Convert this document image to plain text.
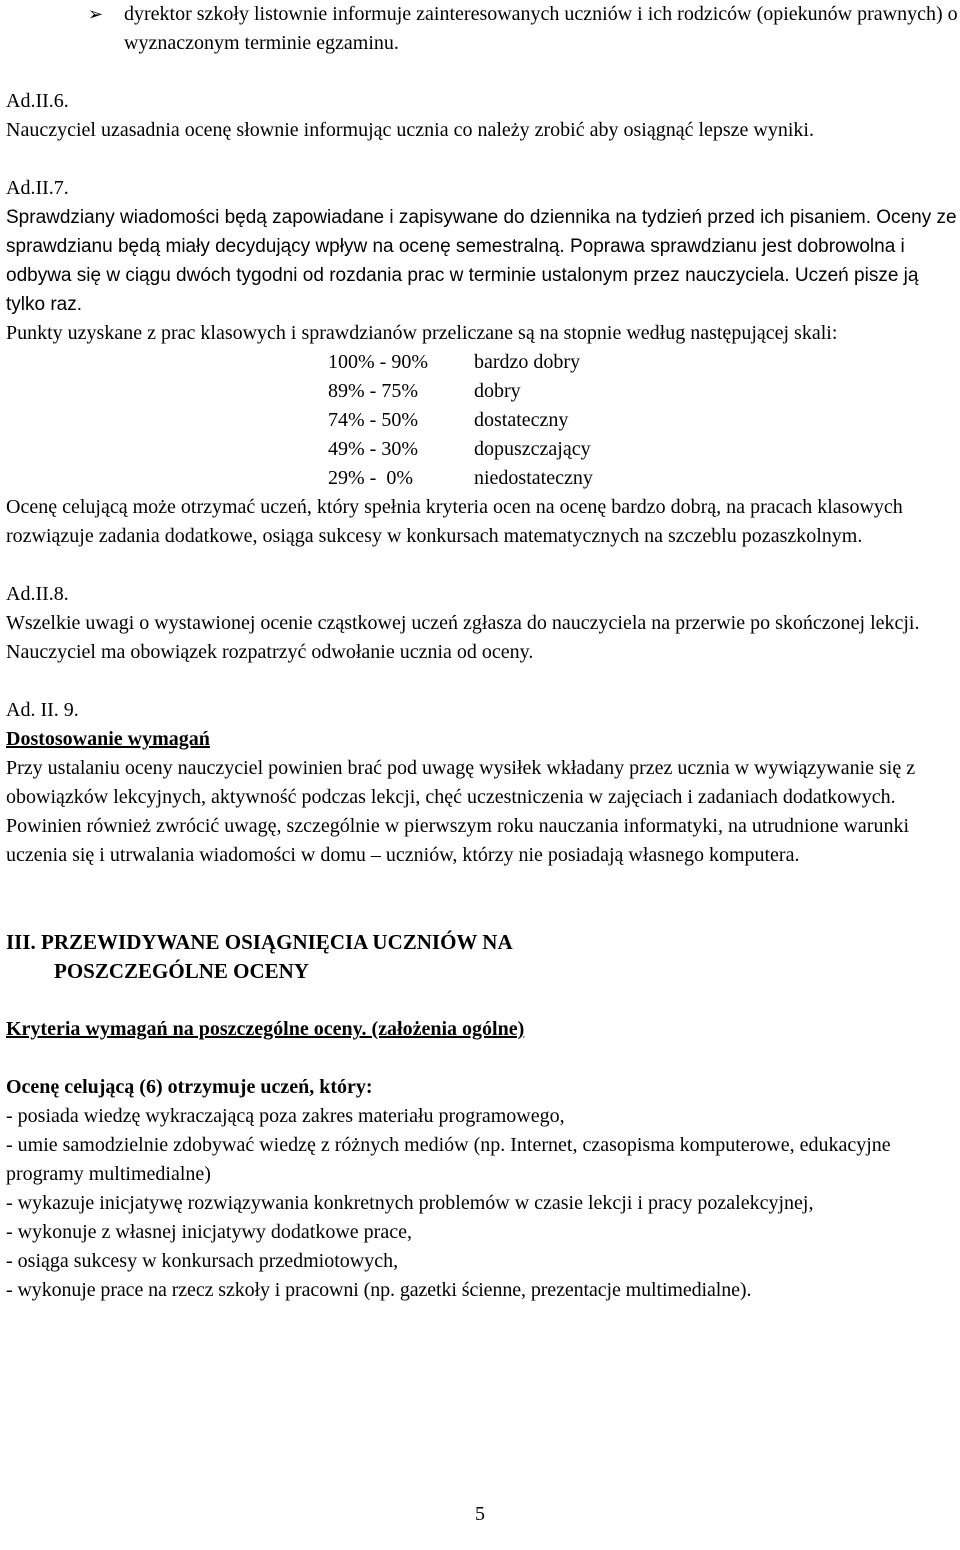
➢	dyrektor szkoły listownie informuje zainteresowanych uczniów i ich rodziców (opiekunów prawnych) o wyznaczonym terminie egzaminu.

Ad.II.6.

Nauczyciel uzasadnia ocenę słownie informując ucznia co należy zrobić aby osiągnąć lepsze wyniki.

Ad.II.7.

Sprawdziany wiadomości będą zapowiadane i zapisywane do dziennika na tydzień przed ich pisaniem. Oceny ze sprawdzianu będą miały decydujący wpływ na ocenę semestralną. Poprawa sprawdzianu jest dobrowolna i odbywa się w ciągu dwóch tygodni od rozdania prac w terminie ustalonym przez nauczyciela. Uczeń pisze ją tylko raz.

Punkty uzyskane z prac klasowych i sprawdzianów przeliczane są na stopnie według następującej skali:

100% - 90%	bardzo dobry
89% - 75%	dobry
74% - 50%	dostateczny
49% - 30%	dopuszczający
29% -  0%	niedostateczny

Ocenę celującą może otrzymać uczeń, który spełnia kryteria ocen na ocenę bardzo dobrą, na pracach klasowych rozwiązuje zadania dodatkowe, osiąga sukcesy w konkursach matematycznych na szczeblu pozaszkolnym.

Ad.II.8.

Wszelkie uwagi o wystawionej ocenie cząstkowej uczeń zgłasza do nauczyciela na przerwie po skończonej lekcji. Nauczyciel ma obowiązek rozpatrzyć odwołanie ucznia od oceny.

Ad. II. 9.

Dostosowanie wymagań

Przy ustalaniu oceny nauczyciel powinien brać pod uwagę wysiłek wkładany przez ucznia w wywiązywanie się z obowiązków lekcyjnych, aktywność podczas lekcji, chęć uczestniczenia w zajęciach i zadaniach dodatkowych. Powinien również zwrócić uwagę, szczególnie w pierwszym roku nauczania informatyki, na utrudnione warunki uczenia się i utrwalania wiadomości w domu – uczniów, którzy nie posiadają własnego komputera.

III. PRZEWIDYWANE OSIĄGNIĘCIA UCZNIÓW NA
POSZCZEGÓLNE OCENY

Kryteria wymagań na poszczególne oceny. (założenia ogólne)

Ocenę celującą (6) otrzymuje uczeń, który:

- posiada wiedzę wykraczającą poza zakres materiału programowego,

- umie samodzielnie zdobywać wiedzę z różnych mediów (np. Internet, czasopisma komputerowe, edukacyjne programy multimedialne)

- wykazuje inicjatywę rozwiązywania konkretnych problemów w czasie lekcji i pracy pozalekcyjnej,

- wykonuje z własnej inicjatywy dodatkowe prace,

- osiąga sukcesy w konkursach przedmiotowych,

- wykonuje prace na rzecz szkoły i pracowni (np. gazetki ścienne, prezentacje multimedialne).

5
